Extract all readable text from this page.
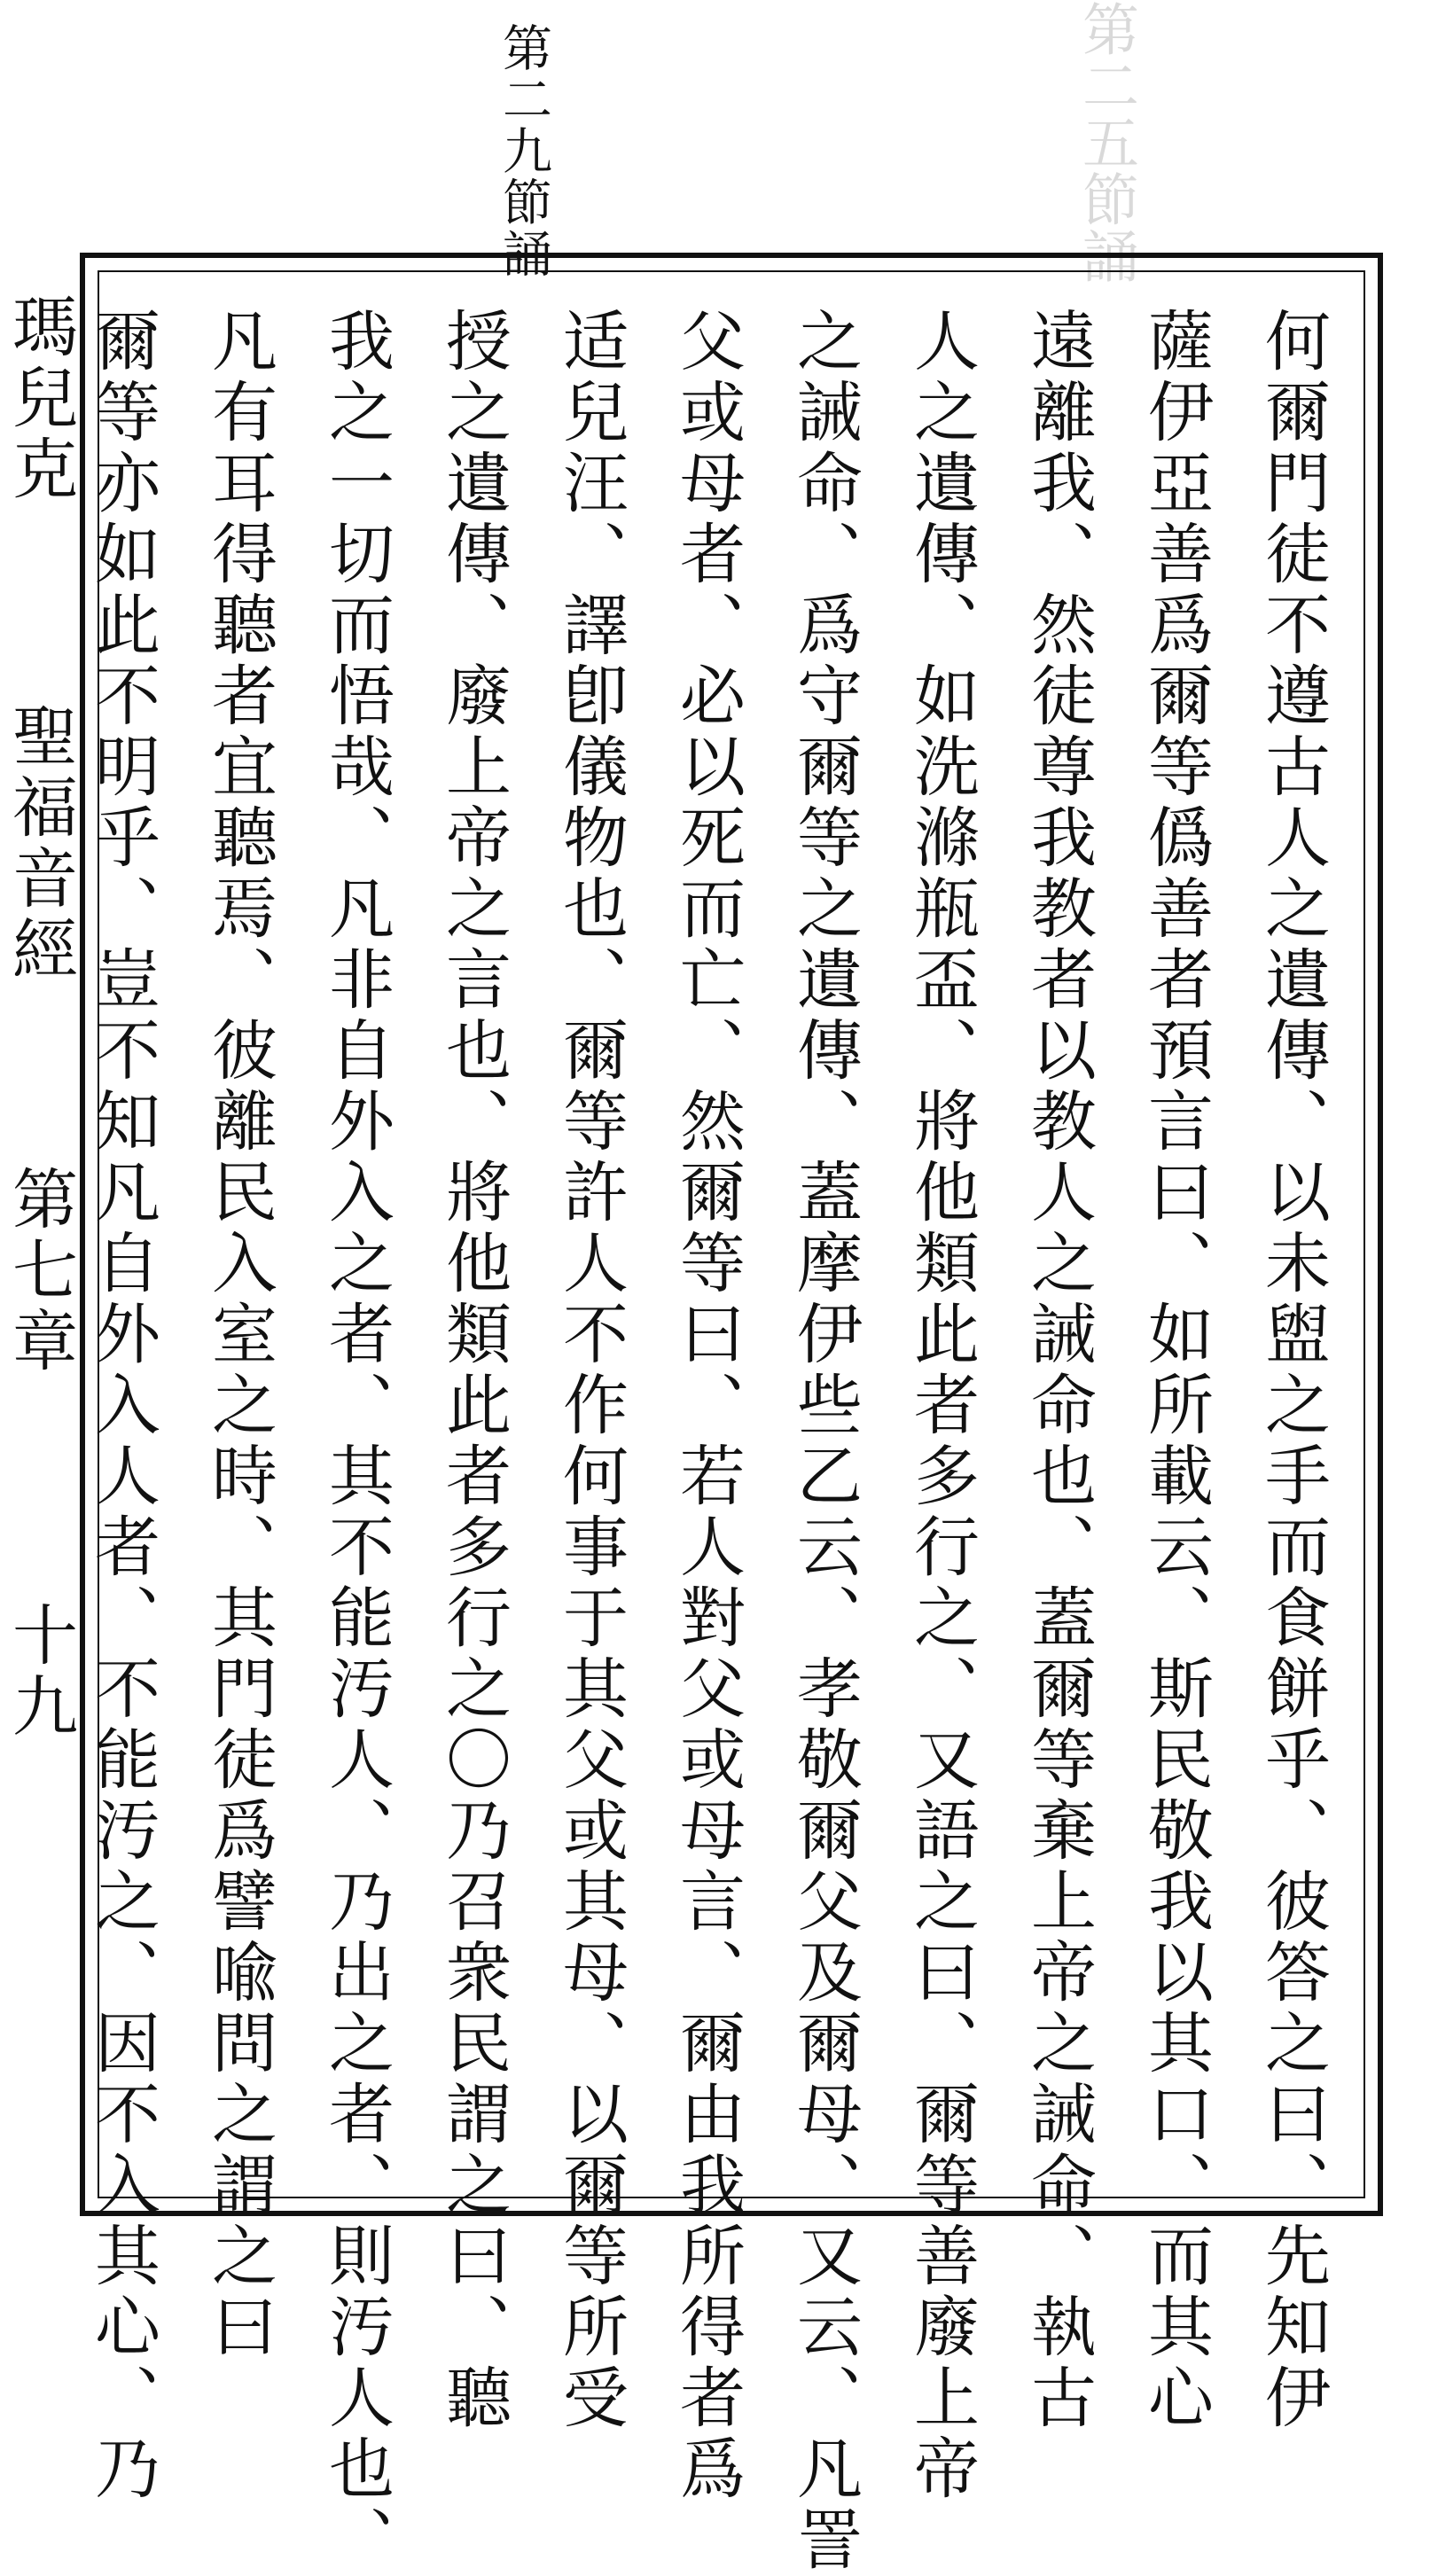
第二五節誦
第二九節誦
何爾門徒不遵古人之遺傳、以未盥之手而食餅乎、彼答之曰、先知伊
薩伊亞善爲爾等僞善者預言曰、如所載云、斯民敬我以其口、而其心
遠離我、然徒尊我教者以教人之誡命也、蓋爾等棄上帝之誡命、執古
人之遺傳、如洗滌瓶盃、將他類此者多行之、又語之曰、爾等善廢上帝
之誡命、爲守爾等之遺傳、蓋摩伊些乙云、孝敬爾父及爾母、又云、凡詈
父或母者、必以死而亡、然爾等曰、若人對父或母言、爾由我所得者爲
适兒汪、譯卽儀物也、爾等許人不作何事于其父或其母、以爾等所受
授之遺傳、廢上帝之言也、將他類此者多行之〇乃召衆民謂之曰、聽
我之一切而悟哉、凡非自外入之者、其不能汚人、乃出之者、則汚人也、
凡有耳得聽者宜聽焉、彼離民入室之時、其門徒爲譬喩問之謂之曰
爾等亦如此不明乎、豈不知凡自外入人者、不能汚之、因不入其心、乃
瑪兒克 聖福音經 第七章 十九
